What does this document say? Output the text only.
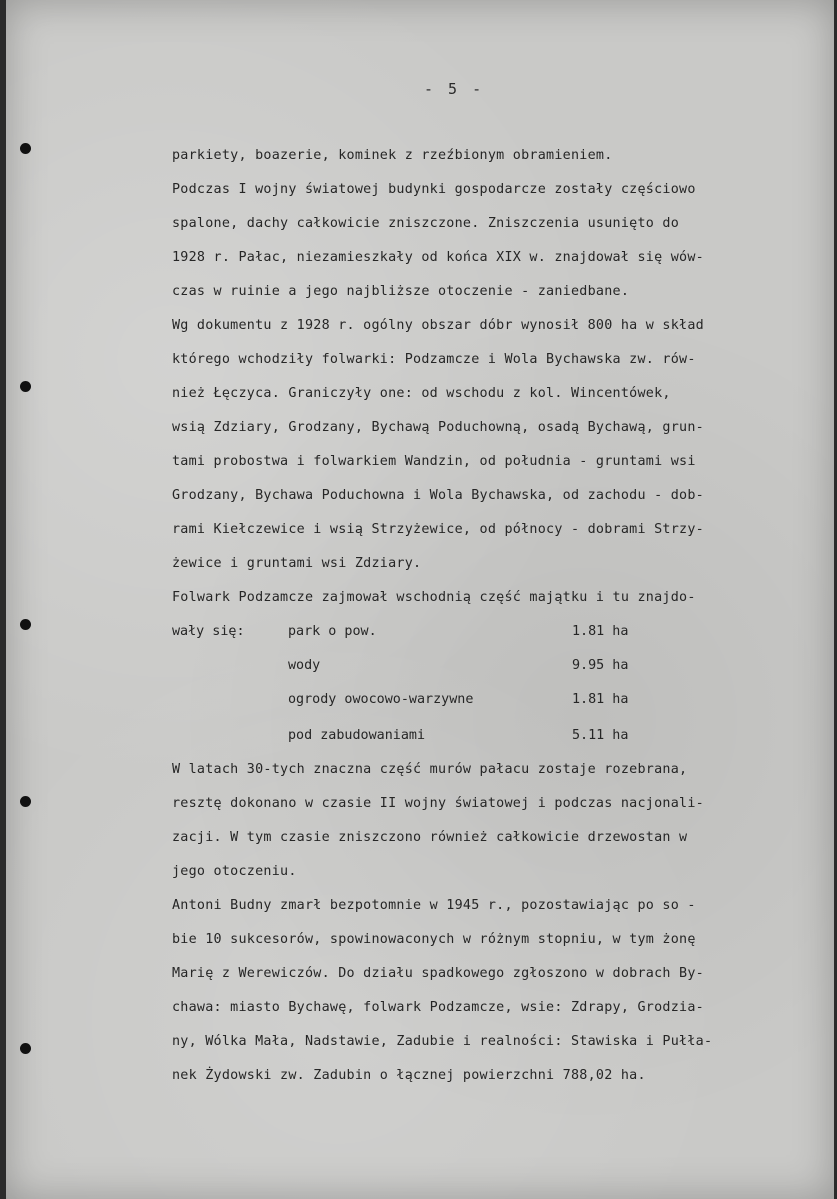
- 5 -
parkiety, boazerie, kominek z rzeźbionym obramieniem.
Podczas I wojny światowej budynki gospodarcze zostały częściowo
spalone, dachy całkowicie zniszczone. Zniszczenia usunięto do
1928 r. Pałac, niezamieszkały od końca XIX w. znajdował się wów-
czas w ruinie a jego najbliższe otoczenie - zaniedbane.
Wg dokumentu z 1928 r. ogólny obszar dóbr wynosił 800 ha w skład
którego wchodziły folwarki: Podzamcze i Wola Bychawska zw. rów-
nież Łęczyca. Graniczyły one: od wschodu z kol. Wincentówek,
wsią Zdziary, Grodzany, Bychawą Poduchowną, osadą Bychawą, grun-
tami probostwa i folwarkiem Wandzin, od południa - gruntami wsi
Grodzany, Bychawa Poduchowna i Wola Bychawska, od zachodu - dob-
rami Kiełczewice i wsią Strzyżewice, od północy - dobrami Strzy-
żewice i gruntami wsi Zdziary.
Folwark Podzamcze zajmował wschodnią część majątku i tu znajdo-
wały się:	park o pow.	1.81 ha
wody	9.95 ha
ogrody owocowo-warzywne	1.81 ha
pod zabudowaniami	5.11 ha
W latach 30-tych znaczna część murów pałacu zostaje rozebrana,
resztę dokonano w czasie II wojny światowej i podczas nacjonali-
zacji. W tym czasie zniszczono również całkowicie drzewostan w
jego otoczeniu.
Antoni Budny zmarł bezpotomnie w 1945 r., pozostawiając po so -
bie 10 sukcesorów, spowinowaconych w różnym stopniu, w tym żonę
Marię z Werewiczów. Do działu spadkowego zgłoszono w dobrach By-
chawa: miasto Bychawę, folwark Podzamcze, wsie: Zdrapy, Grodzia-
ny, Wólka Mała, Nadstawie, Zadubie i realności: Stawiska i Pułła-
nek Żydowski zw. Zadubin o łącznej powierzchni 788,02 ha.
